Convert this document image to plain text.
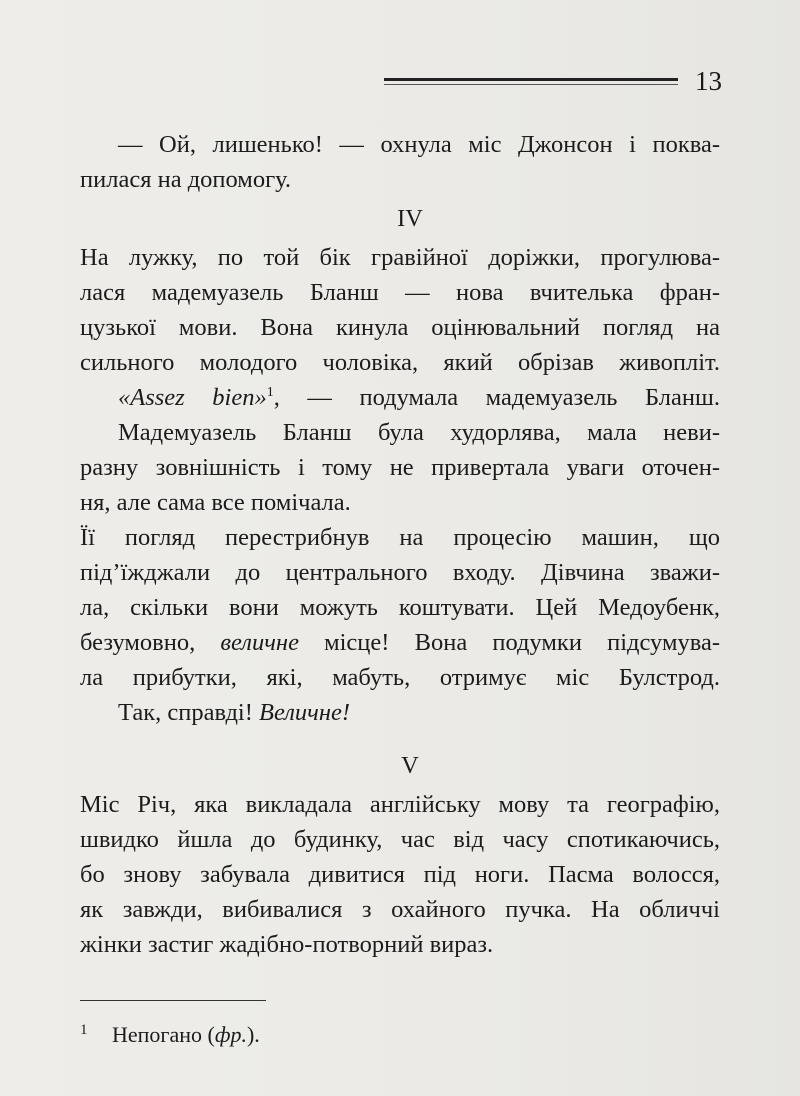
13

— Ой, лишенько! — охнула міс Джонсон і поква-
пилася на допомогу.

IV

На лужку, по той бік гравійної доріжки, прогулюва-
лася мадемуазель Бланш — нова вчителька фран-
цузької мови. Вона кинула оцінювальний погляд на
сильного молодого чоловіка, який обрізав живопліт.

«Assez bien»$^1$, — подумала мадемуазель Бланш.

Мадемуазель Бланш була худорлява, мала неви-
разну зовнішність і тому не привертала уваги оточен-
ня, але сама все помічала.

Її погляд перестрибнув на процесію машин, що
під’їжджали до центрального входу. Дівчина зважи-
ла, скільки вони можуть коштувати. Цей Медоубенк,
безумовно, величне місце! Вона подумки підсумува-
ла прибутки, які, мабуть, отримує міс Булстрод.

Так, справді! Величне!

V

Міс Річ, яка викладала англійську мову та географію,
швидко йшла до будинку, час від часу спотикаючись,
бо знову забувала дивитися під ноги. Пасма волосся,
як завжди, вибивалися з охайного пучка. На обличчі
жінки застиг жадібно-потворний вираз.

1 Непогано (фр.).
